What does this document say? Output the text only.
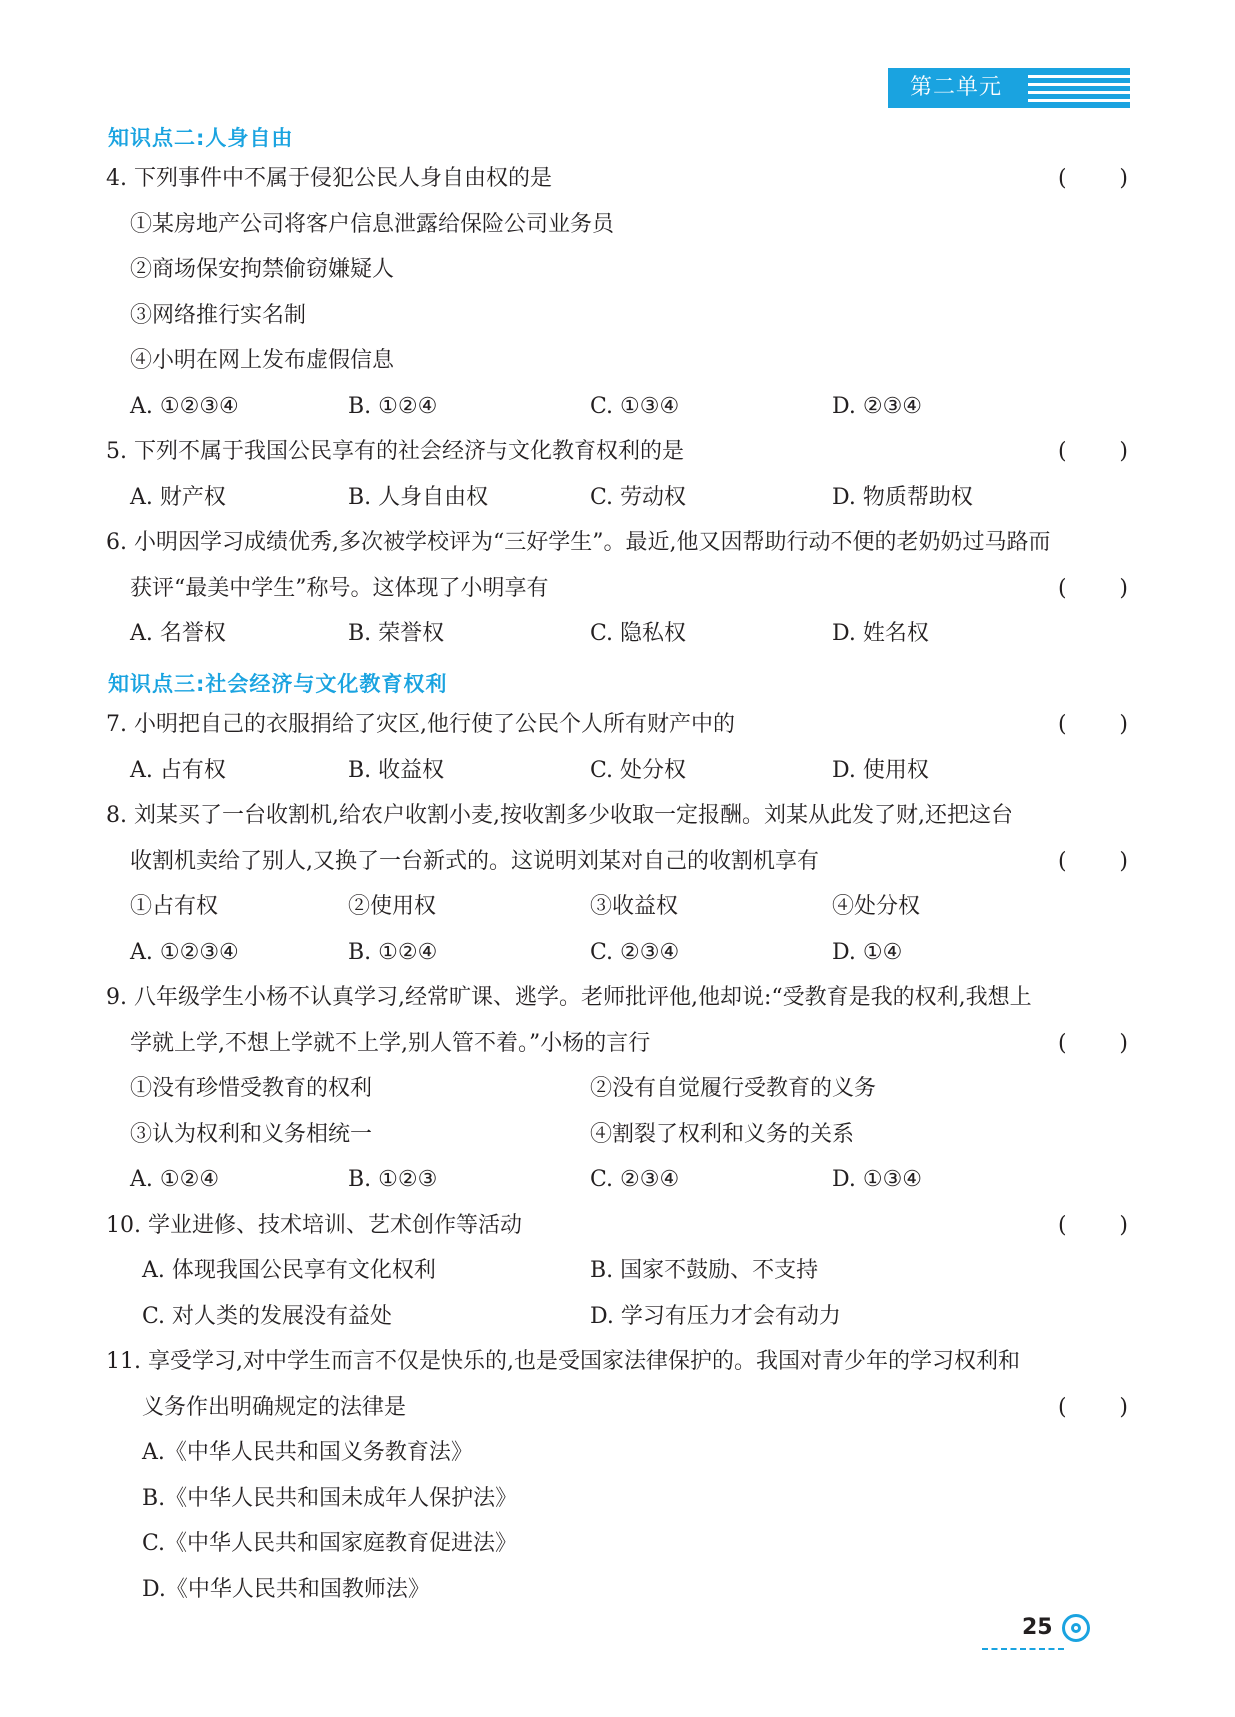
第二单元
知识点二:人身自由
4. 下列事件中不属于侵犯公民人身自由权的是	( )
①某房地产公司将客户信息泄露给保险公司业务员
②商场保安拘禁偷窃嫌疑人
③网络推行实名制
④小明在网上发布虚假信息
A. ①②③④	B. ①②④	C. ①③④	D. ②③④
5. 下列不属于我国公民享有的社会经济与文化教育权利的是	( )
A. 财产权	B. 人身自由权	C. 劳动权	D. 物质帮助权
6. 小明因学习成绩优秀,多次被学校评为“三好学生”。最近,他又因帮助行动不便的老奶奶过马路而
获评“最美中学生”称号。这体现了小明享有	( )
A. 名誉权	B. 荣誉权	C. 隐私权	D. 姓名权
知识点三:社会经济与文化教育权利
7. 小明把自己的衣服捐给了灾区,他行使了公民个人所有财产中的	( )
A. 占有权	B. 收益权	C. 处分权	D. 使用权
8. 刘某买了一台收割机,给农户收割小麦,按收割多少收取一定报酬。刘某从此发了财,还把这台
收割机卖给了别人,又换了一台新式的。这说明刘某对自己的收割机享有	( )
①占有权	②使用权	③收益权	④处分权
A. ①②③④	B. ①②④	C. ②③④	D. ①④
9. 八年级学生小杨不认真学习,经常旷课、逃学。老师批评他,他却说:“受教育是我的权利,我想上
学就上学,不想上学就不上学,别人管不着。”小杨的言行	( )
①没有珍惜受教育的权利	②没有自觉履行受教育的义务
③认为权利和义务相统一	④割裂了权利和义务的关系
A. ①②④	B. ①②③	C. ②③④	D. ①③④
10. 学业进修、技术培训、艺术创作等活动	( )
A. 体现我国公民享有文化权利	B. 国家不鼓励、不支持
C. 对人类的发展没有益处	D. 学习有压力才会有动力
11. 享受学习,对中学生而言不仅是快乐的,也是受国家法律保护的。我国对青少年的学习权利和
义务作出明确规定的法律是	( )
A.《中华人民共和国义务教育法》
B.《中华人民共和国未成年人保护法》
C.《中华人民共和国家庭教育促进法》
D.《中华人民共和国教师法》
25
